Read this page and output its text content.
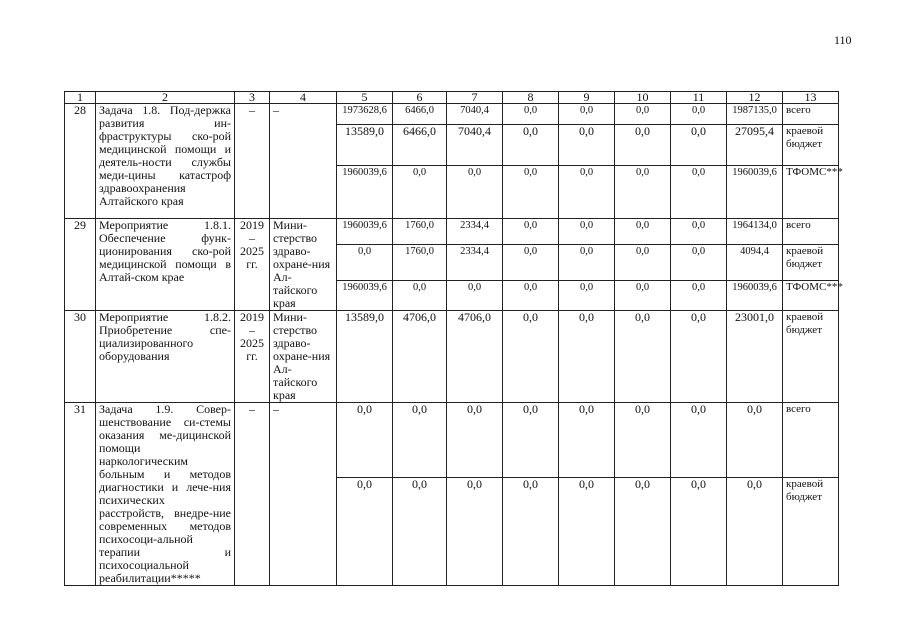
110
1	2	3	4	5	6	7	8	9	10	11	12	13
28	Задача 1.8. Под-держка развития ин-фраструктуры ско-рой медицинской помощи и деятель-ности службы меди-цины катастроф здравоохранения Алтайского края	–	–	1973628,6	6466,0	7040,4	0,0	0,0	0,0	0,0	1987135,0	всего
				13589,0	6466,0	7040,4	0,0	0,0	0,0	0,0	27095,4	краевой бюджет
				1960039,6	0,0	0,0	0,0	0,0	0,0	0,0	1960039,6	ТФОМС***
29	Мероприятие 1.8.1. Обеспечение функ-ционирования ско-рой медицинской помощи в Алтай-ском крае	2019 – 2025 гг.	Мини-стерство здраво-охране-ния Ал-тайского края	1960039,6	1760,0	2334,4	0,0	0,0	0,0	0,0	1964134,0	всего
				0,0	1760,0	2334,4	0,0	0,0	0,0	0,0	4094,4	краевой бюджет
				1960039,6	0,0	0,0	0,0	0,0	0,0	0,0	1960039,6	ТФОМС***
30	Мероприятие 1.8.2. Приобретение спе-циализированного оборудования	2019 – 2025 гг.	Мини-стерство здраво-охране-ния Ал-тайского края	13589,0	4706,0	4706,0	0,0	0,0	0,0	0,0	23001,0	краевой бюджет
31	Задача 1.9. Совер-шенствование си-стемы оказания ме-дицинской помощи наркологическим больным и методов диагностики и лече-ния психических расстройств, внедре-ние современных методов психосоци-альной терапии и психосоциальной реабилитации*****	–	–	0,0	0,0	0,0	0,0	0,0	0,0	0,0	0,0	всего
				0,0	0,0	0,0	0,0	0,0	0,0	0,0	0,0	краевой бюджет
